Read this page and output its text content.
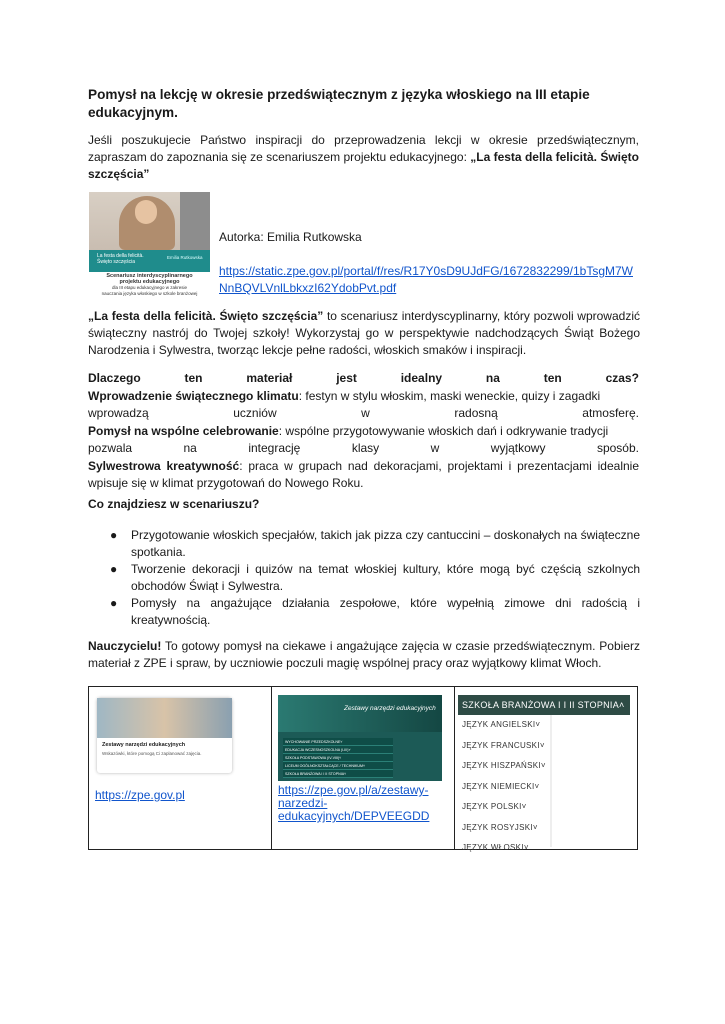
Pomysł na lekcję w okresie przedświątecznym z języka włoskiego na III etapie edukacyjnym.
Jeśli poszukujecie Państwo inspiracji do przeprowadzenia lekcji w okresie przedświątecznym, zapraszam do zapoznania się ze scenariuszem projektu edukacyjnego: „La festa della felicità. Święto szczęścia”
La festa della felicità.
Święto szczęścia
Emilia Rutkowska
Scenariusz interdyscyplinarnego
projektu edukacyjnego
dla III etapu edukacyjnego w zakresie
nauczania języka włoskiego w szkole branżowej
Autorka: Emilia Rutkowska
https://static.zpe.gov.pl/portal/f/res/R17Y0sD9UJdFG/1672832299/1bTsgM7WNnBQVLVnlLbkxzI62YdobPvt.pdf
„La festa della felicità. Święto szczęścia” to scenariusz interdyscyplinarny, który pozwoli wprowadzić świąteczny nastrój do Twojej szkoły! Wykorzystaj go w perspektywie nadchodzących Świąt Bożego Narodzenia i Sylwestra, tworząc lekcje pełne radości, włoskich smaków i inspiracji.
Dlaczego	ten	materiał	jest	idealny	na	ten	czas?
Wprowadzenie świątecznego klimatu: festyn w stylu włoskim, maski weneckie, quizy i zagadki
wprowadzą	uczniów	w	radosną	atmosferę.
Pomysł na wspólne celebrowanie: wspólne przygotowywanie włoskich dań i odkrywanie tradycji
pozwala	na	integrację	klasy	w	wyjątkowy	sposób.
Sylwestrowa kreatywność: praca w grupach nad dekoracjami, projektami i prezentacjami idealnie wpisuje się w klimat przygotowań do Nowego Roku.
Co znajdziesz w scenariuszu?
● Przygotowanie włoskich specjałów, takich jak pizza czy cantuccini – doskonałych na świąteczne spotkania.
● Tworzenie dekoracji i quizów na temat włoskiej kultury, które mogą być częścią szkolnych obchodów Świąt i Sylwestra.
● Pomysły na angażujące działania zespołowe, które wypełnią zimowe dni radością i kreatywnością.
Nauczycielu! To gotowy pomysł na ciekawe i angażujące zajęcia w czasie przedświątecznym. Pobierz materiał z ZPE i spraw, by uczniowie poczuli magię wspólnej pracy oraz wyjątkowy klimat Włoch.
Zestawy narzędzi edukacyjnych
Wskazówki, które pomogą Ci zaplanować zajęcia.
https://zpe.gov.pl

Zestawy narzędzi edukacyjnych
WYCHOWANIE PRZEDSZKOLNE˅
EDUKACJA WCZESNOSZKOLNA (I-III)˅
SZKOŁA PODSTAWOWA (IV-VIII)˅
LICEUM OGÓLNOKSZTAŁCĄCE / TECHNIKUM˅
SZKOŁA BRANŻOWA I I II STOPNIA˅
https://zpe.gov.pl/a/zestawy-narzedzi-edukacyjnych/DEPVEEGDD

SZKOŁA BRANŻOWA I I II STOPNIA˄
JĘZYK ANGIELSKI˅
JĘZYK FRANCUSKI˅
JĘZYK HISZPAŃSKI˅
JĘZYK NIEMIECKI˅
JĘZYK POLSKI˅
JĘZYK ROSYJSKI˅
JĘZYK WŁOSKI˅
